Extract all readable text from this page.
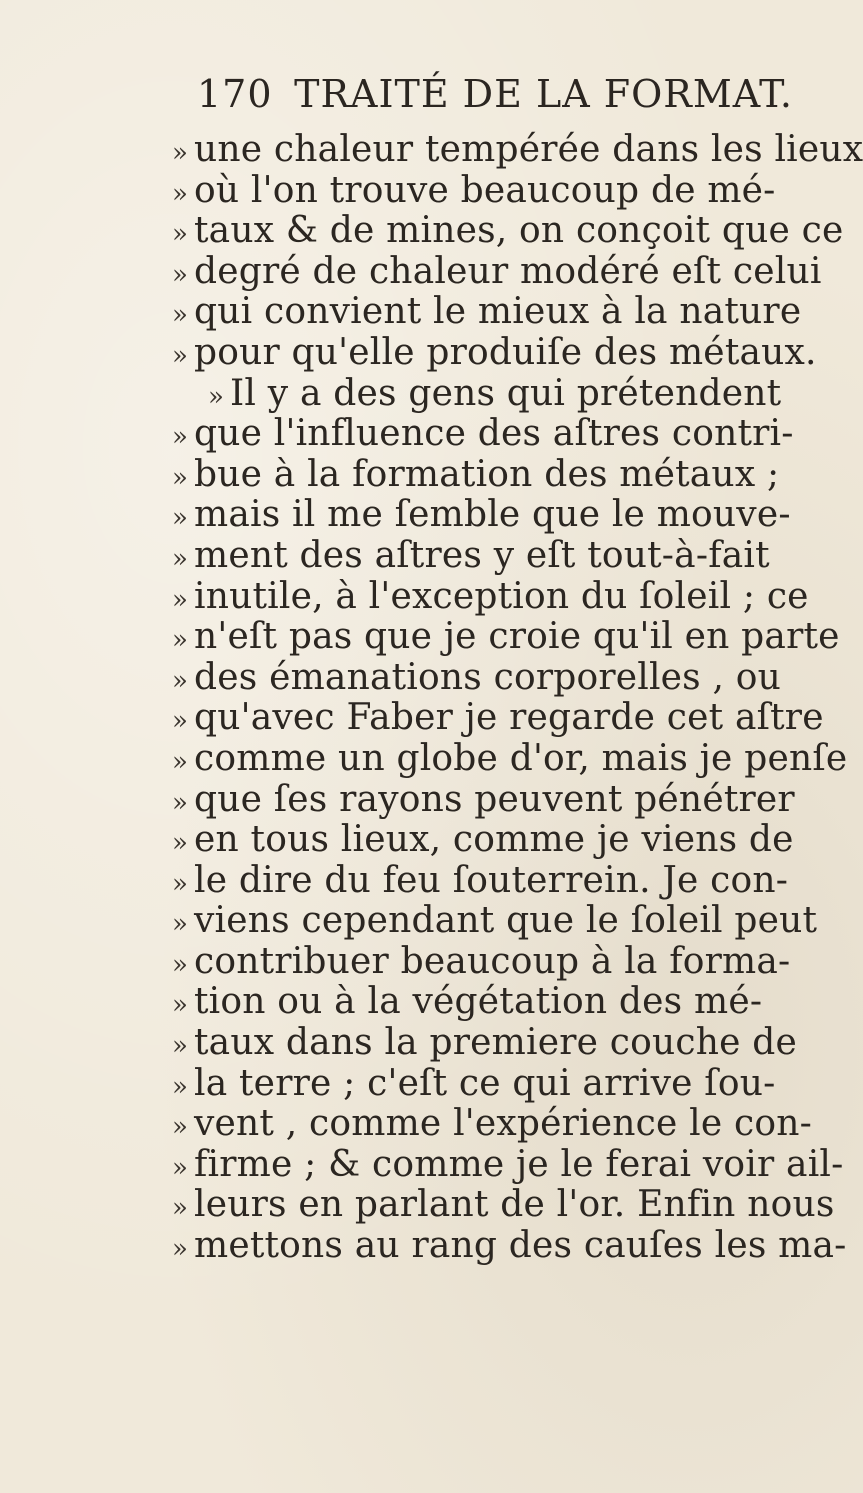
170 TRAITÉ DE LA FORMAT.
» une chaleur tempérée dans les lieux
» où l'on trouve beaucoup de mé-
» taux & de mines, on conçoit que ce
» degré de chaleur modéré eſt celui
» qui convient le mieux à la nature
» pour qu'elle produiſe des métaux.
» Il y a des gens qui prétendent
» que l'influence des aſtres contri-
» bue à la formation des métaux ;
» mais il me ſemble que le mouve-
» ment des aſtres y eſt tout-à-fait
» inutile, à l'exception du ſoleil ; ce
» n'eſt pas que je croie qu'il en parte
» des émanations corporelles , ou
» qu'avec Faber je regarde cet aſtre
» comme un globe d'or, mais je penſe
» que ſes rayons peuvent pénétrer
» en tous lieux, comme je viens de
» le dire du feu ſouterrein. Je con-
» viens cependant que le ſoleil peut
» contribuer beaucoup à la forma-
» tion ou à la végétation des mé-
» taux dans la premiere couche de
» la terre ; c'eſt ce qui arrive ſou-
» vent , comme l'expérience le con-
» firme ; & comme je le ferai voir ail-
» leurs en parlant de l'or. Enfin nous
» mettons au rang des cauſes les ma-
